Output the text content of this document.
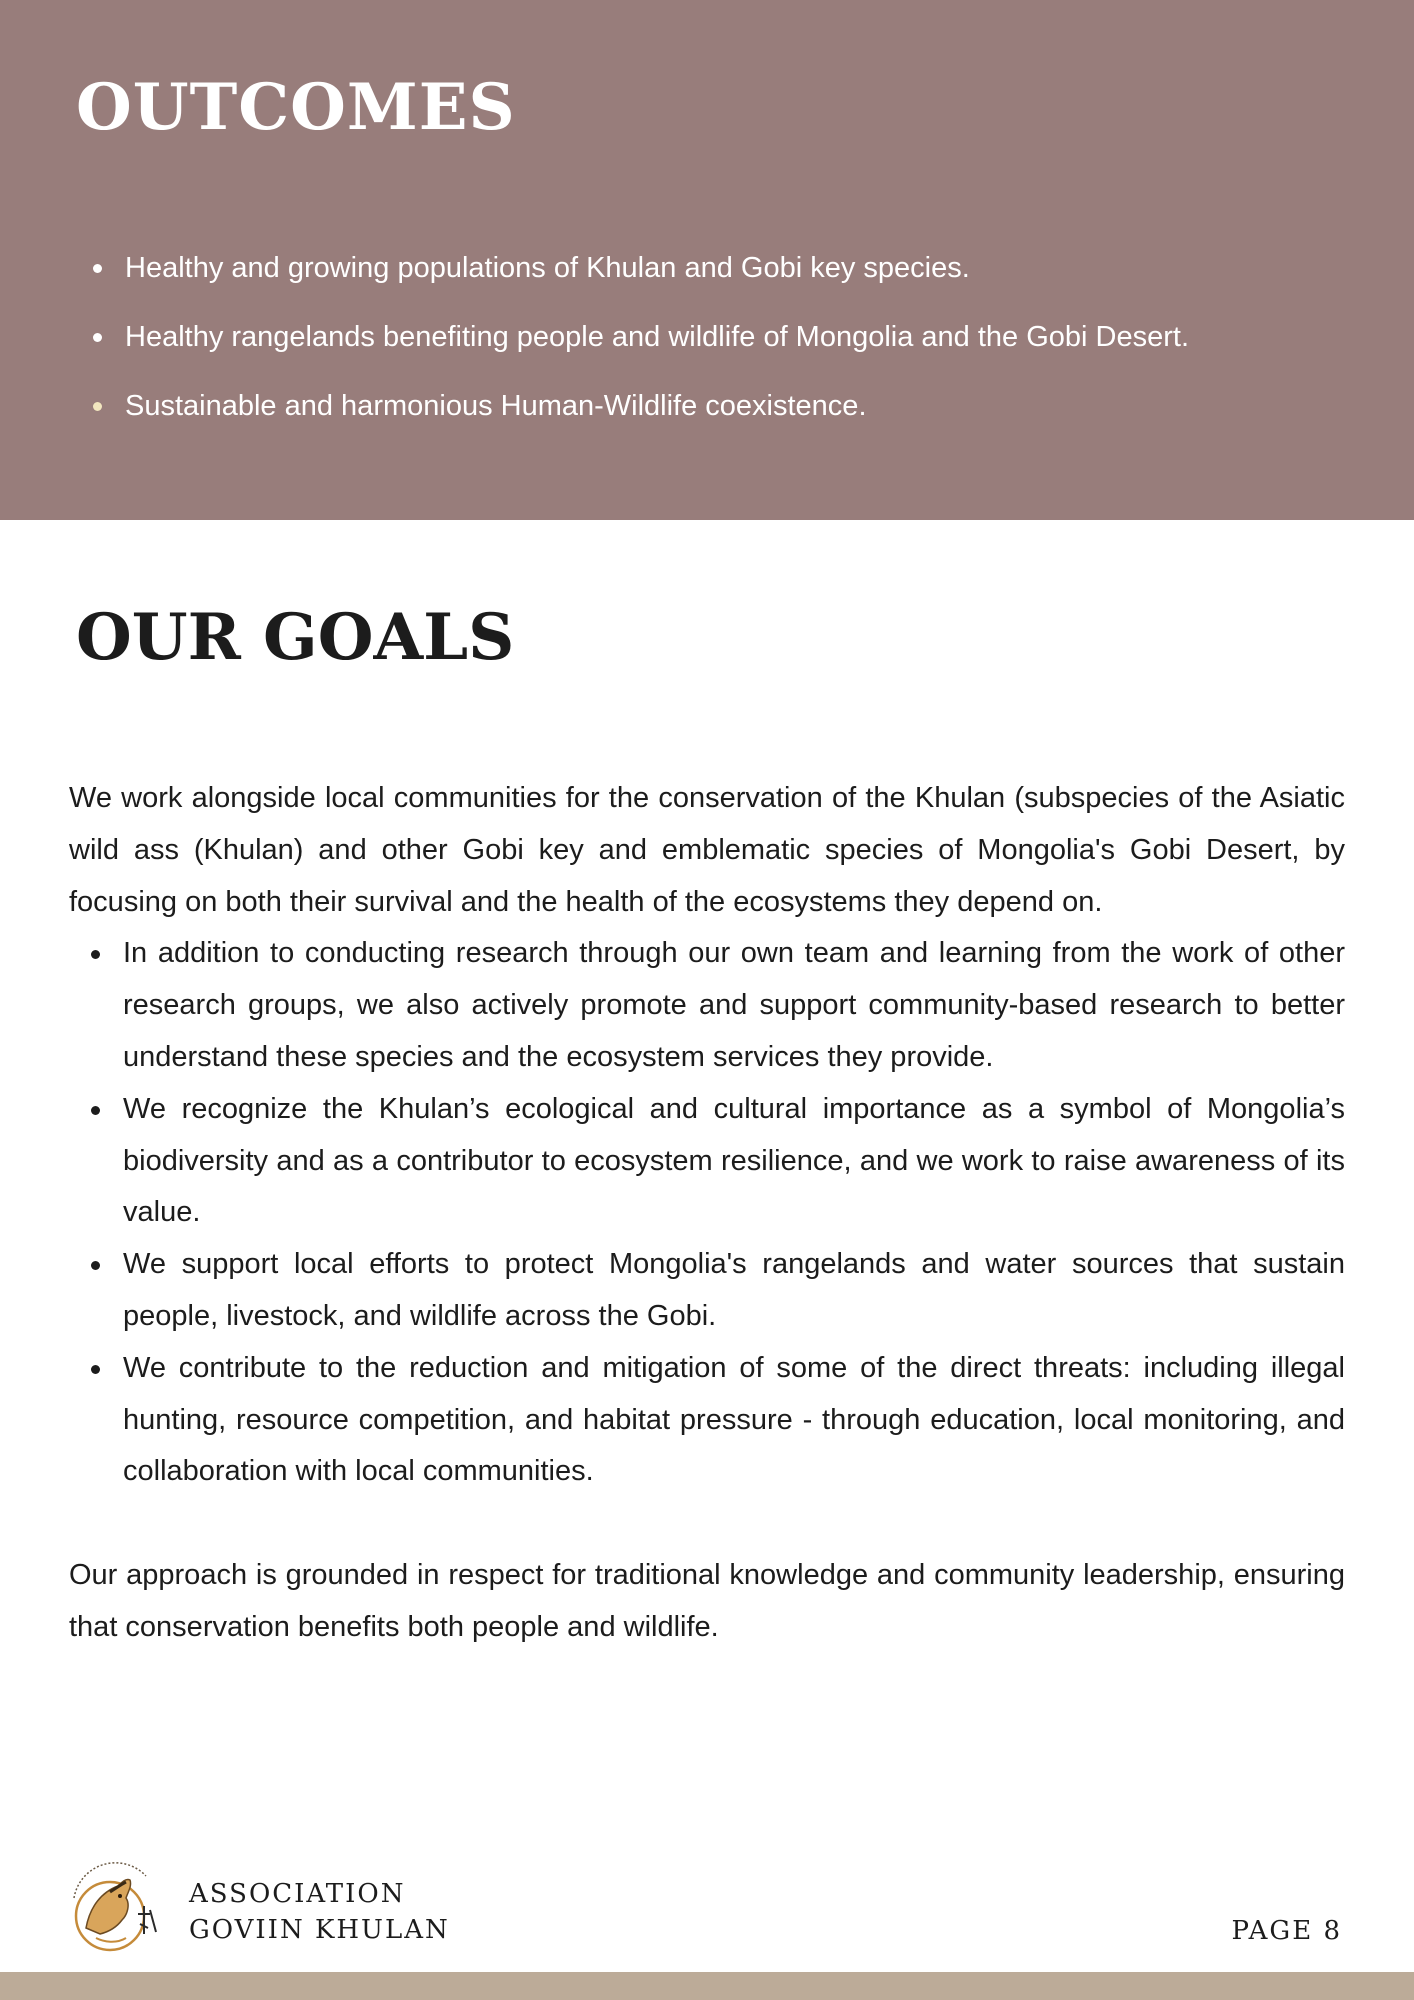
OUTCOMES
Healthy and growing populations of Khulan and Gobi key species.
Healthy rangelands benefiting people and wildlife of Mongolia and the Gobi Desert.
Sustainable and harmonious Human-Wildlife coexistence.
OUR GOALS

We work alongside local communities for the conservation of the Khulan (subspecies of the Asiatic wild ass (Khulan) and other Gobi key and emblematic species of Mongolia's Gobi Desert, by focusing on both their survival and the health of the ecosystems they depend on.

In addition to conducting research through our own team and learning from the work of other research groups, we also actively promote and support community-based research to better understand these species and the ecosystem services they provide.
We recognize the Khulan’s ecological and cultural importance as a symbol of Mongolia’s biodiversity and as a contributor to ecosystem resilience, and we work to raise awareness of its value.
We support local efforts to protect Mongolia's rangelands and water sources that sustain people, livestock, and wildlife across the Gobi.
We contribute to the reduction and mitigation of some of the direct threats: including illegal hunting, resource competition, and habitat pressure - through education, local monitoring, and collaboration with local communities.

Our approach is grounded in respect for traditional knowledge and community leadership, ensuring that conservation benefits both people and wildlife.

ASSOCIATION
GOVIIN KHULAN	PAGE 8
